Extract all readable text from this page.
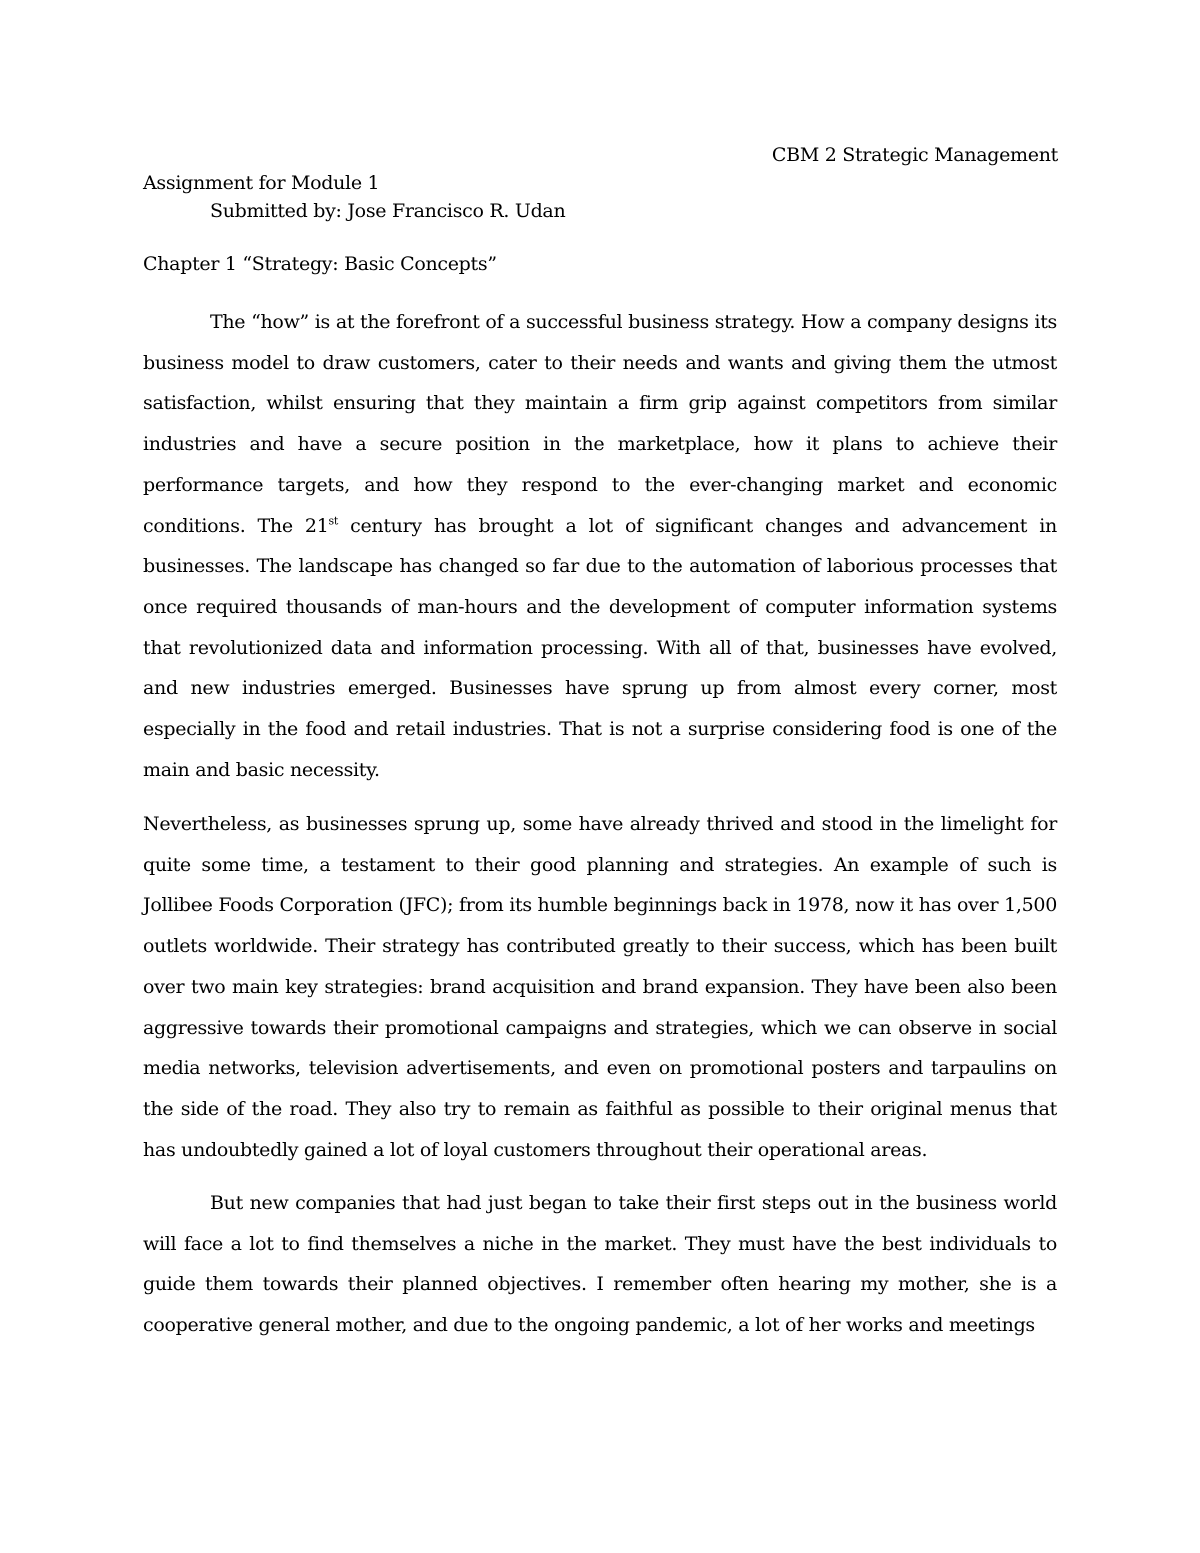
CBM 2 Strategic Management
Assignment for Module 1
Submitted by: Jose Francisco R. Udan
Chapter 1 “Strategy: Basic Concepts”

The “how” is at the forefront of a successful business strategy. How a company designs its business model to draw customers, cater to their needs and wants and giving them the utmost satisfaction, whilst ensuring that they maintain a firm grip against competitors from similar industries and have a secure position in the marketplace, how it plans to achieve their performance targets, and how they respond to the ever-changing market and economic conditions. The 21st century has brought a lot of significant changes and advancement in businesses. The landscape has changed so far due to the automation of laborious processes that once required thousands of man-hours and the development of computer information systems that revolutionized data and information processing. With all of that, businesses have evolved, and new industries emerged. Businesses have sprung up from almost every corner, most especially in the food and retail industries. That is not a surprise considering food is one of the main and basic necessity.

Nevertheless, as businesses sprung up, some have already thrived and stood in the limelight for quite some time, a testament to their good planning and strategies. An example of such is Jollibee Foods Corporation (JFC); from its humble beginnings back in 1978, now it has over 1,500 outlets worldwide. Their strategy has contributed greatly to their success, which has been built over two main key strategies: brand acquisition and brand expansion. They have been also been aggressive towards their promotional campaigns and strategies, which we can observe in social media networks, television advertisements, and even on promotional posters and tarpaulins on the side of the road. They also try to remain as faithful as possible to their original menus that has undoubtedly gained a lot of loyal customers throughout their operational areas.

But new companies that had just began to take their first steps out in the business world will face a lot to find themselves a niche in the market. They must have the best individuals to guide them towards their planned objectives. I remember often hearing my mother, she is a cooperative general mother, and due to the ongoing pandemic, a lot of her works and meetings
